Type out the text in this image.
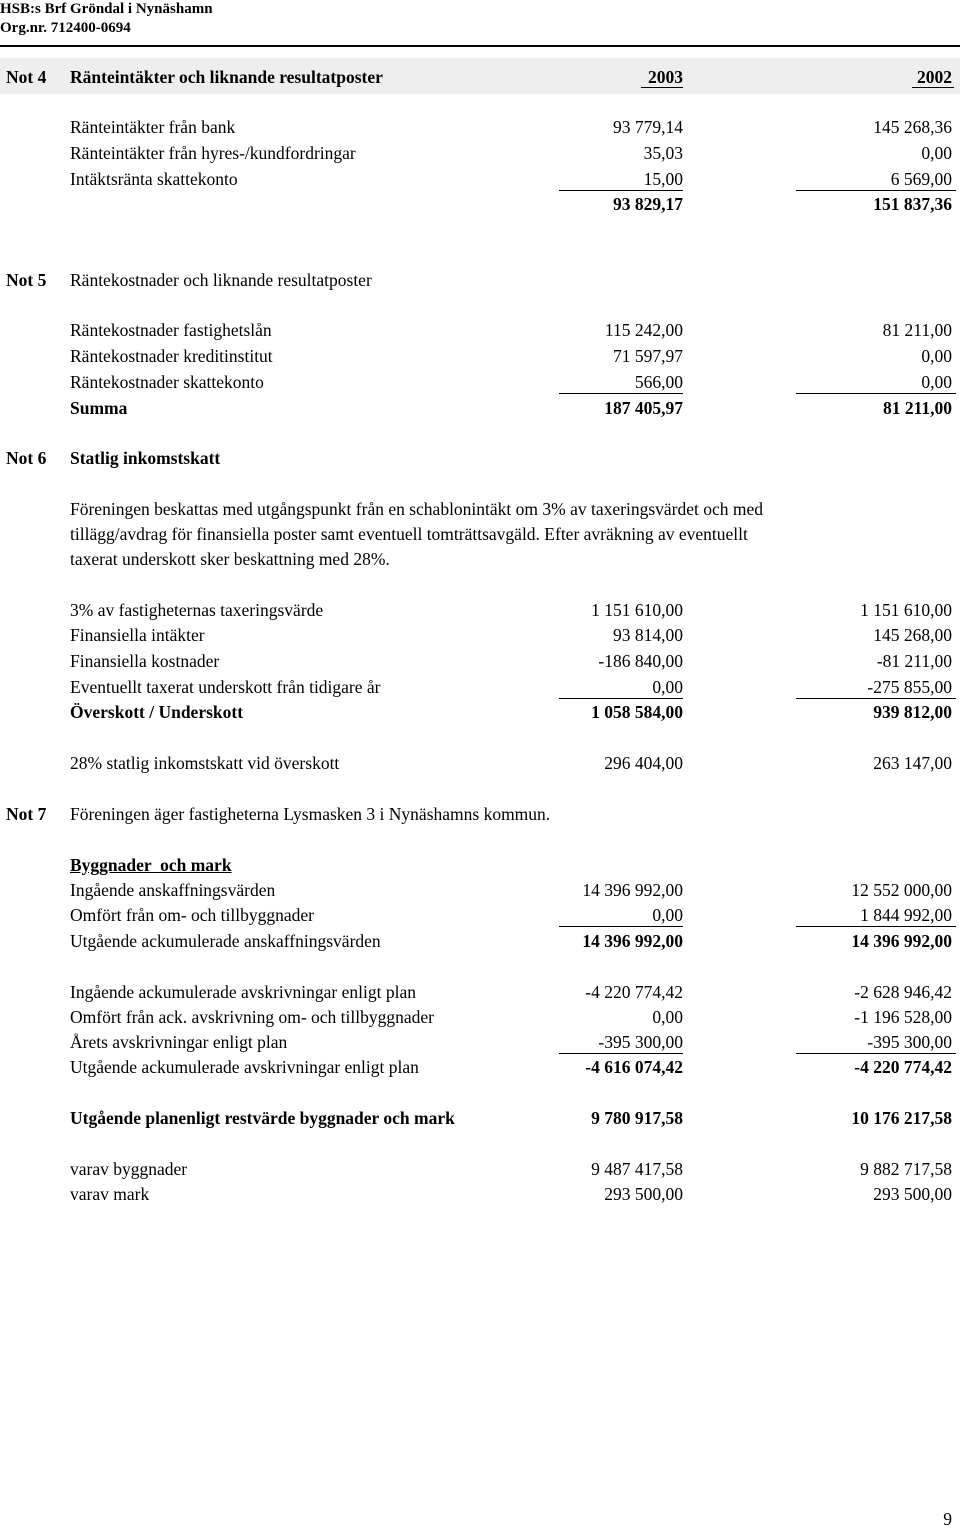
HSB:s Brf Gröndal i Nynäshamn
Org.nr. 712400-0694
Not 4 Ränteintäkter och liknande resultatposter	2003	2002
Ränteintäkter från bank	93 779,14	145 268,36
Ränteintäkter från hyres-/kundfordringar	35,03	0,00
Intäktsränta skattekonto	15,00	6 569,00
93 829,17	151 837,36
Not 5 Räntekostnader och liknande resultatposter
Räntekostnader fastighetslån	115 242,00	81 211,00
Räntekostnader kreditinstitut	71 597,97	0,00
Räntekostnader skattekonto	566,00	0,00
Summa	187 405,97	81 211,00
Not 6 Statlig inkomstskatt
Föreningen beskattas med utgångspunkt från en schablonintäkt om 3% av taxeringsvärdet och med
tillägg/avdrag för finansiella poster samt eventuell tomträttsavgäld. Efter avräkning av eventuellt
taxerat underskott sker beskattning med 28%.
3% av fastigheternas taxeringsvärde	1 151 610,00	1 151 610,00
Finansiella intäkter	93 814,00	145 268,00
Finansiella kostnader	-186 840,00	-81 211,00
Eventuellt taxerat underskott från tidigare år	0,00	-275 855,00
Överskott / Underskott	1 058 584,00	939 812,00
28% statlig inkomstskatt vid överskott	296 404,00	263 147,00
Not 7 Föreningen äger fastigheterna Lysmasken 3 i Nynäshamns kommun.
Byggnader  och mark
Ingående anskaffningsvärden	14 396 992,00	12 552 000,00
Omfört från om- och tillbyggnader	0,00	1 844 992,00
Utgående ackumulerade anskaffningsvärden	14 396 992,00	14 396 992,00
Ingående ackumulerade avskrivningar enligt plan	-4 220 774,42	-2 628 946,42
Omfört från ack. avskrivning om- och tillbyggnader	0,00	-1 196 528,00
Årets avskrivningar enligt plan	-395 300,00	-395 300,00
Utgående ackumulerade avskrivningar enligt plan	-4 616 074,42	-4 220 774,42
Utgående planenligt restvärde byggnader och mark	9 780 917,58	10 176 217,58
varav byggnader	9 487 417,58	9 882 717,58
varav mark	293 500,00	293 500,00
9
